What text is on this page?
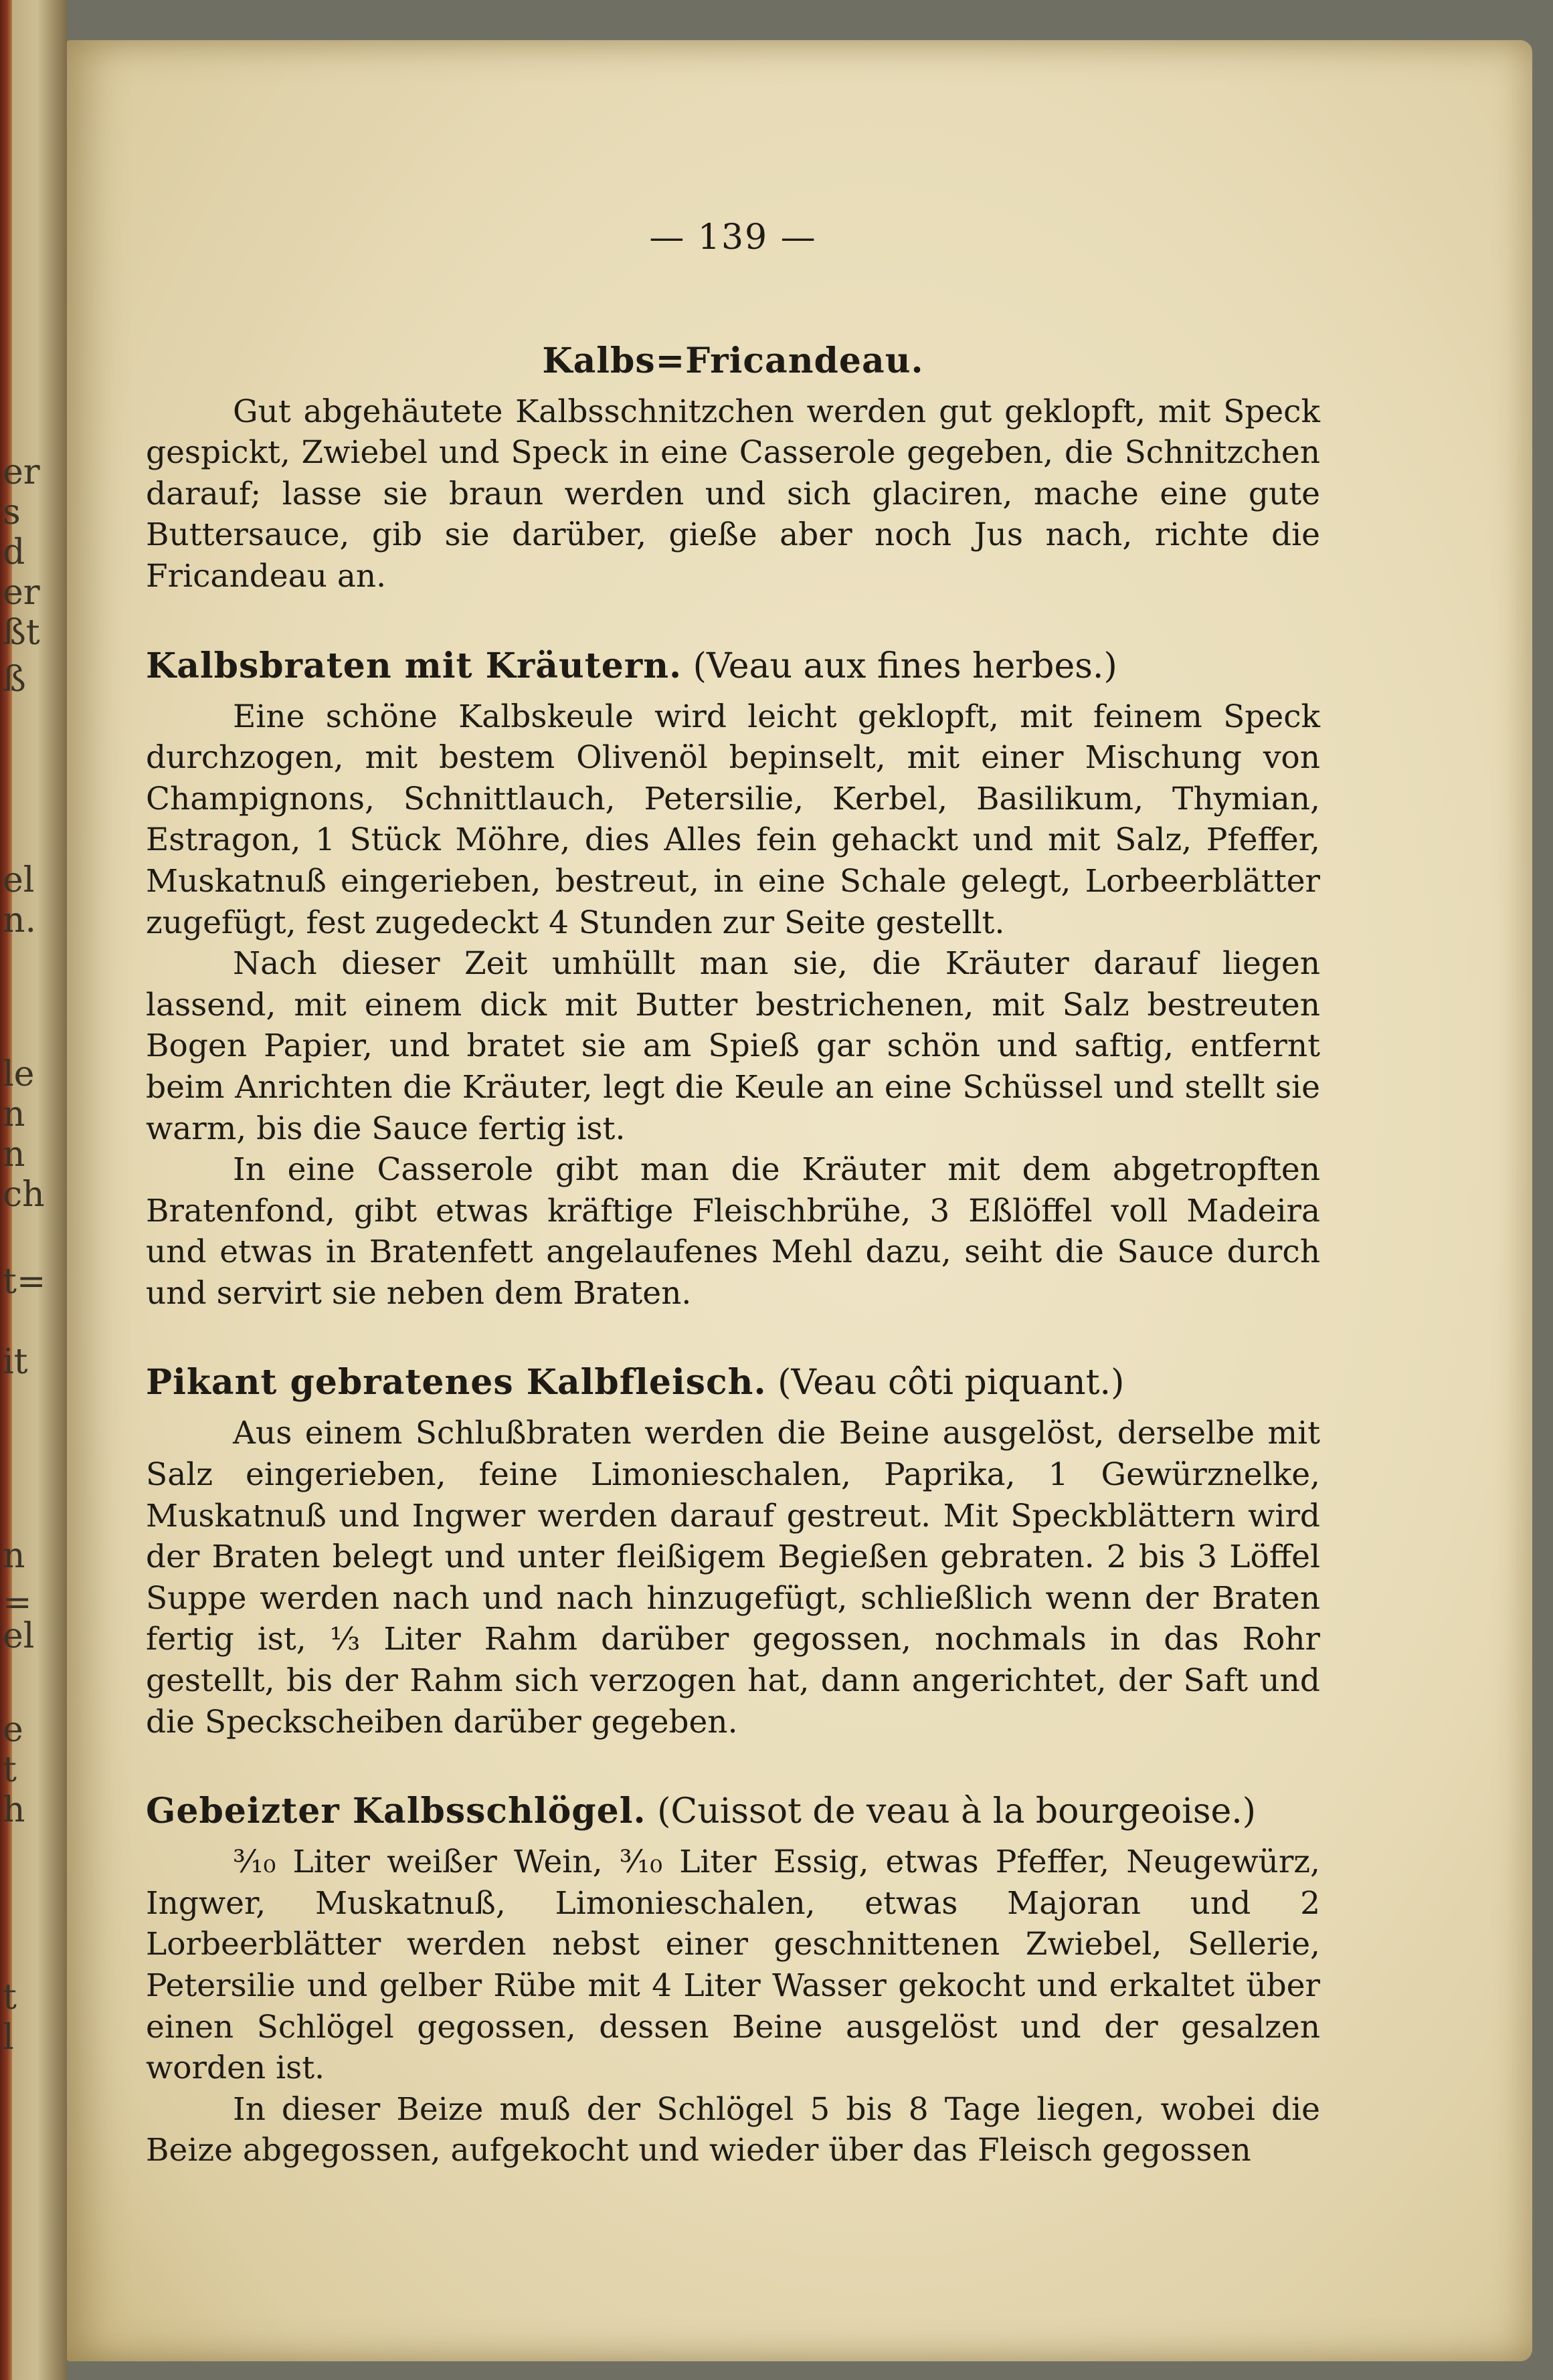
er
s
d
er
ßt
ß
el
n.
le
n
n
ch
t=
it
n
=
el
e
t
h
t
l
— 139 —
Kalbs=Fricandeau.

Gut abgehäutete Kalbsschnitzchen werden gut geklopft, mit Speck gespickt, Zwiebel und Speck in eine Casserole gegeben, die Schnitzchen darauf; lasse sie braun werden und sich glaciren, mache eine gute Buttersauce, gib sie darüber, gieße aber noch Jus nach, richte die Fricandeau an.

Kalbsbraten mit Kräutern. (Veau aux fines herbes.)

Eine schöne Kalbskeule wird leicht geklopft, mit feinem Speck durchzogen, mit bestem Olivenöl bepinselt, mit einer Mischung von Champignons, Schnittlauch, Petersilie, Kerbel, Basilikum, Thymian, Estragon, 1 Stück Möhre, dies Alles fein gehackt und mit Salz, Pfeffer, Muskatnuß eingerieben, bestreut, in eine Schale gelegt, Lorbeerblätter zugefügt, fest zugedeckt 4 Stunden zur Seite gestellt.

Nach dieser Zeit umhüllt man sie, die Kräuter darauf liegen lassend, mit einem dick mit Butter bestrichenen, mit Salz bestreuten Bogen Papier, und bratet sie am Spieß gar schön und saftig, entfernt beim Anrichten die Kräuter, legt die Keule an eine Schüssel und stellt sie warm, bis die Sauce fertig ist.

In eine Casserole gibt man die Kräuter mit dem abgetropften Bratenfond, gibt etwas kräftige Fleischbrühe, 3 Eßlöffel voll Madeira und etwas in Bratenfett angelaufenes Mehl dazu, seiht die Sauce durch und servirt sie neben dem Braten.

Pikant gebratenes Kalbfleisch. (Veau côti piquant.)

Aus einem Schlußbraten werden die Beine ausgelöst, derselbe mit Salz eingerieben, feine Limonieschalen, Paprika, 1 Gewürznelke, Muskatnuß und Ingwer werden darauf gestreut. Mit Speckblättern wird der Braten belegt und unter fleißigem Begießen gebraten. 2 bis 3 Löffel Suppe werden nach und nach hinzugefügt, schließlich wenn der Braten fertig ist, ⅓ Liter Rahm darüber gegossen, nochmals in das Rohr gestellt, bis der Rahm sich verzogen hat, dann angerichtet, der Saft und die Speckscheiben darüber gegeben.

Gebeizter Kalbsschlögel. (Cuissot de veau à la bourgeoise.)

³⁄₁₀ Liter weißer Wein, ³⁄₁₀ Liter Essig, etwas Pfeffer, Neugewürz, Ingwer, Muskatnuß, Limonieschalen, etwas Majoran und 2 Lorbeerblätter werden nebst einer geschnittenen Zwiebel, Sellerie, Petersilie und gelber Rübe mit 4 Liter Wasser gekocht und erkaltet über einen Schlögel gegossen, dessen Beine ausgelöst und der gesalzen worden ist.

In dieser Beize muß der Schlögel 5 bis 8 Tage liegen, wobei die Beize abgegossen, aufgekocht und wieder über das Fleisch gegossen
